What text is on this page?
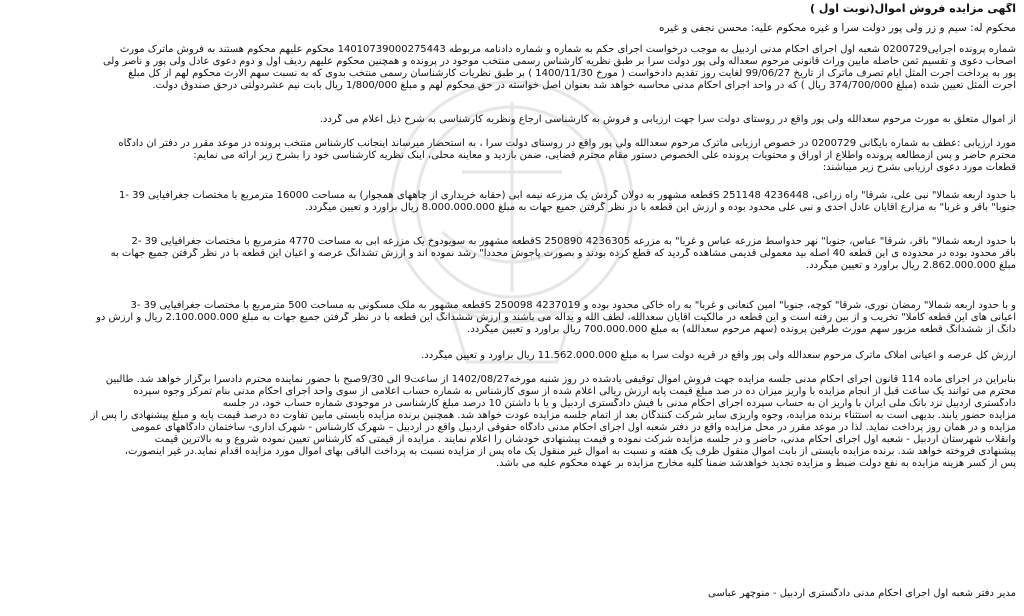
آگهی مزایده فروش اموال(نوبت اول )
محکوم له: سیم و زر ولی پور دولت سرا و غیره محکوم علیه: محسن نجفی و غیره
شماره پرونده اجرایی0200729 شعبه اول اجرای احکام مدنی اردبیل به موجب درخواست اجرای حکم به شماره و شماره دادنامه مربوطه 14010739000275443 محکوم علیهم محکوم هستند به فروش ماترک مورث
اصحاب دعوی و تقسیم ثمن حاصله مابین وراث قانونی مرحوم سعداله ولی پور دولت سرا بر طبق نظریه کارشناس رسمی منتخب موجود در پرونده و همچنین محکوم علیهم ردیف اول و دوم دعوی عادل ولی پور و ناصر ولی
پور به پرداخت اجرت المثل ایام تصرف ماترک از تاریخ 99/06/27 لغایت روز تقدیم دادخواست ( مورخ 1400/11/30 ) بر طبق نظریات کارشناسان رسمی منتخب بدوی که به نسبت سهم الارث محکوم لهم از کل مبلغ
اجرت المثل تعیین شده (مبلغ 374/700/000 ریال ) که در واحد اجرای احکام مدنی محاسبه خواهد شد بعنوان اصل خواسته در حق محکوم لهم و مبلغ 1/800/000 ریال بابت نیم عشردولتی درحق صندوق دولت.
از اموال متعلق به مورث مرحوم سعدالله ولی پور واقع در روستای دولت سرا جهت ارزیابی و فروش به کارشناسی ارجاع ونظریه کارشناسی به شرح ذیل اعلام می گردد.
مورد ارزیابی :عطف به شماره بایگانی 0200729 در خصوص ارزیابی ماترک مرحوم سعدالله ولی پور واقع در روستای دولت سرا ، به استحضار میرساند اینجانب کارشناس منتخب پرونده در موعد مقرر در دفتر آن دادگاه
محترم حاضر و پس ازمطالعه پرونده واطلاع از اوراق و محتویات پرونده علی الخصوص دستور مقام محترم قضایی، ضمن بازدید و معاینه محلی، اینک نظریه کارشناسی خود را بشرح زیر ارائه می نمایم:
قطعات مورد دعوی ارزیابی بشرح زیر میباشند:
با حدود اربعه شمالا" نبی علی، شرقا" راه زراعی، 4236448 251148 Sقطعه مشهور به دولان گردش یک مزرعه نیمه آبی (حقابه خریداری از چاههای همجوار) به مساحت 16000 مترمربع با مختصات جغرافیایی 39 -1
جنوبا" باقر و غربا" به مزارع آقایان عادل احدی و نبی علی محدود بوده و ارزش این قطعه با در نظر گرفتن جمیع جهات به مبلغ 8.000.000.000 ریال برآورد و تعیین میگردد.
با حدود اربعه شمالا" باقر، شرقا" عباس، جنوبا" نهر حدواسط مزرعه عباس و غربا" به مزرعه 4236305 250890 Sقطعه مشهور به سویودوخ یک مزرعه آبی به مساحت 4770 مترمربع با مختصات جغرافیایی 39 -2
باقر محدود بوده در محدوده ی این قطعه 40 اصله بید معمولی قدیمی مشاهده گردید که قطع کرده بودند و بصورت پاجوش مجددا" رشد نموده اند و ارزش تشدانگ عرصه و اعیان این قطعه با در نظر گرفتن جمیع جهات به
مبلغ 2.862.000.000 ریال برآورد و تعیین میگردد.
و با حدود اربعه شمالا" رمضان نوری، شرقا" کوچه، جنوبا" امین کنعانی و غربا" به راه خاکی محدود بوده و 4237019 250098 Sقطعه مشهور به ملک مسکونی به مساحت 500 مترمربع با مختصات جغرافیایی 39 -3
اعیانی های این قطعه کاملا" تخریب و از بین رفته است و این قطعه در مالکیت آقایان سعدالله، لطف الله و یداله می باشند و ارزش ششدانگ این قطعه با در نظر گرفتن جمیع جهات به مبلغ 2.100.000.000 ریال و ارزش دو
دانگ از ششدانگ قطعه مزبور سهم مورث طرفین پرونده (سهم مرحوم سعدالله) به مبلغ 700.000.000 ریال برآورد و تعیین میگردد.
ارزش کل عرصه و اعیانی املاک ماترک مرحوم سعدالله ولی پور واقع در قریه دولت سرا به مبلغ 11.562.000.000 ریال برآورد و تعیین میگردد.
بنابراین در اجرای ماده 114 قانون اجرای احکام مدنی جلسه مزایده جهت فروش اموال توقیفی یادشده در روز شنبه مورخه1402/08/27 از ساعت9 الی 9/30صبح با حضور نماینده محترم دادسرا برگزار خواهد شد. طالبین
محترم می توانند یک ساعت قبل از انجام مزایده با واریز میزان ده در صد مبلغ قیمت پایه ارزش ریالی اعلام شده از سوی کارشناس به شماره حساب اعلامی از سوی واحد اجرای احکام مدنی بنام تمرکز وجوه سپرده
دادگستری اردبیل نزد بانک ملی ایران با واریز آن به حساب سپرده اجرای احکام مدنی با فیش دادگستری اردبیل و یا با داشتن 10 درصد مبلغ کارشناسی در موجودی شماره حساب خود، در جلسه
مزایده حضور یابند. بدیهی است به استثناء برنده مزایده، وجوه واریزی سایر شرکت کنندگان بعد از اتمام جلسه مزایده عودت خواهد شد. همچنین برنده مزایده بایستی مابین تفاوت ده درصد قیمت پایه و مبلغ پیشنهادی را پس از
مزایده و در همان روز پرداخت نماید. لذا در موعد مقرر در محل مزایده واقع در دفتر شعبه اول اجرای احکام مدنی دادگاه حقوقی اردبیل واقع در اردبیل – شهرک کارشناس - شهرک اداری- ساختمان دادگاههای عمومی
وانقلاب شهرستان اردبیل - شعبه اول اجرای احکام مدنی، حاضر و در جلسه مزایده شرکت نموده و قیمت پیشنهادی خودشان را اعلام نمایند . مزایده از قیمتی که کارشناس تعیین نموده شروع و به بالاترین قیمت
پیشنهادی فروخته خواهد شد. برنده مزایده بایستی از بابت اموال منقول ظرف یک هفته و نسبت به اموال غیر منقول یک ماه پس از مزایده نسبت به پرداخت الباقی بهای اموال مورد مزایده اقدام نماید.در غیر اینصورت،
پس از کسر هزینه مزایده به نفع دولت ضبط و مزایده تجدید خواهدشد ضمنا کلیه مخارج مزایده بر عهده محکوم علیه می باشد.
مدیر دفتر شعبه اول اجرای احکام مدنی دادگستری اردبیل - منوچهر عباسی
